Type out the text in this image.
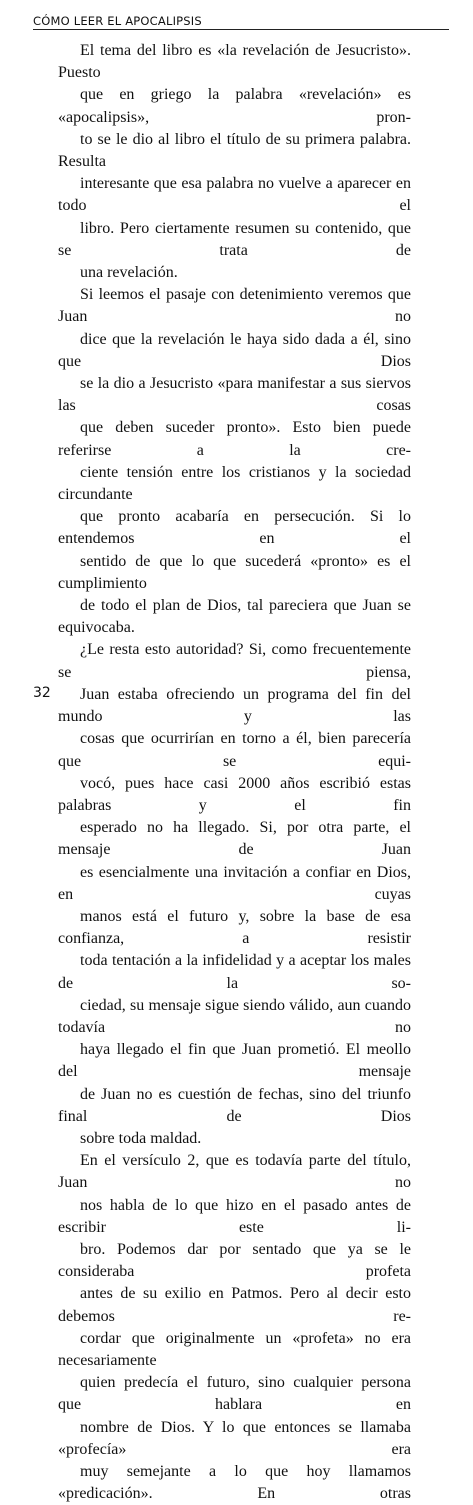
CÓMO LEER EL APOCALIPSIS

El tema del libro es «la revelación de Jesucristo». Puesto
que en griego la palabra «revelación» es «apocalipsis», pron-
to se le dio al libro el título de su primera palabra. Resulta
interesante que esa palabra no vuelve a aparecer en todo el
libro. Pero ciertamente resumen su contenido, que se trata de
una revelación.

Si leemos el pasaje con detenimiento veremos que Juan no
dice que la revelación le haya sido dada a él, sino que Dios
se la dio a Jesucristo «para manifestar a sus siervos las cosas
que deben suceder pronto». Esto bien puede referirse a la cre-
ciente tensión entre los cristianos y la sociedad circundante
que pronto acabaría en persecución. Si lo entendemos en el
sentido de que lo que sucederá «pronto» es el cumplimiento
de todo el plan de Dios, tal pareciera que Juan se equivocaba.
¿Le resta esto autoridad? Si, como frecuentemente se piensa,
Juan estaba ofreciendo un programa del fin del mundo y las
cosas que ocurrirían en torno a él, bien parecería que se equi-
vocó, pues hace casi 2000 años escribió estas palabras y el fin
esperado no ha llegado. Si, por otra parte, el mensaje de Juan
es esencialmente una invitación a confiar en Dios, en cuyas
manos está el futuro y, sobre la base de esa confianza, a resistir
toda tentación a la infidelidad y a aceptar los males de la so-
ciedad, su mensaje sigue siendo válido, aun cuando todavía no
haya llegado el fin que Juan prometió. El meollo del mensaje
de Juan no es cuestión de fechas, sino del triunfo final de Dios
sobre toda maldad.

En el versículo 2, que es todavía parte del título, Juan no
nos habla de lo que hizo en el pasado antes de escribir este li-
bro. Podemos dar por sentado que ya se le consideraba profeta
antes de su exilio en Patmos. Pero al decir esto debemos re-
cordar que originalmente un «profeta» no era necesariamente
quien predecía el futuro, sino cualquier persona que hablara en
nombre de Dios. Y lo que entonces se llamaba «profecía» era
muy semejante a lo que hoy llamamos «predicación». En otras

32
